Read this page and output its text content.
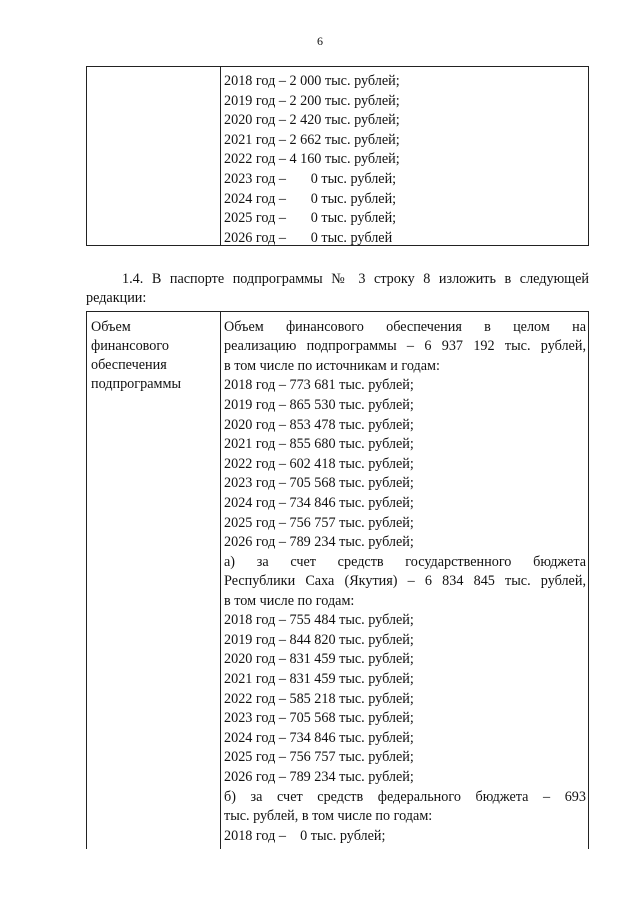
6
2018 год – 2 000 тыс. рублей;
2019 год – 2 200 тыс. рублей;
2020 год – 2 420 тыс. рублей;
2021 год – 2 662 тыс. рублей;
2022 год – 4 160 тыс. рублей;
2023 год –       0 тыс. рублей;
2024 год –       0 тыс. рублей;
2025 год –       0 тыс. рублей;
2026 год –       0 тыс. рублей
1.4. В паспорте подпрограммы № 3 строку 8 изложить в следующей редакции:
Объем
финансового
обеспечения
подпрограммы
Объем финансового обеспечения в целом на
реализацию подпрограммы – 6 937 192 тыс. рублей,
в том числе по источникам и годам:
2018 год – 773 681 тыс. рублей;
2019 год – 865 530 тыс. рублей;
2020 год – 853 478 тыс. рублей;
2021 год – 855 680 тыс. рублей;
2022 год – 602 418 тыс. рублей;
2023 год – 705 568 тыс. рублей;
2024 год – 734 846 тыс. рублей;
2025 год – 756 757 тыс. рублей;
2026 год – 789 234 тыс. рублей;
а) за счет средств государственного бюджета
Республики Саха (Якутия) – 6 834 845 тыс. рублей,
в том числе по годам:
2018 год – 755 484 тыс. рублей;
2019 год – 844 820 тыс. рублей;
2020 год – 831 459 тыс. рублей;
2021 год – 831 459 тыс. рублей;
2022 год – 585 218 тыс. рублей;
2023 год – 705 568 тыс. рублей;
2024 год – 734 846 тыс. рублей;
2025 год – 756 757 тыс. рублей;
2026 год – 789 234 тыс. рублей;
б) за счет средств федерального бюджета – 693
тыс. рублей, в том числе по годам:
2018 год –    0 тыс. рублей;
